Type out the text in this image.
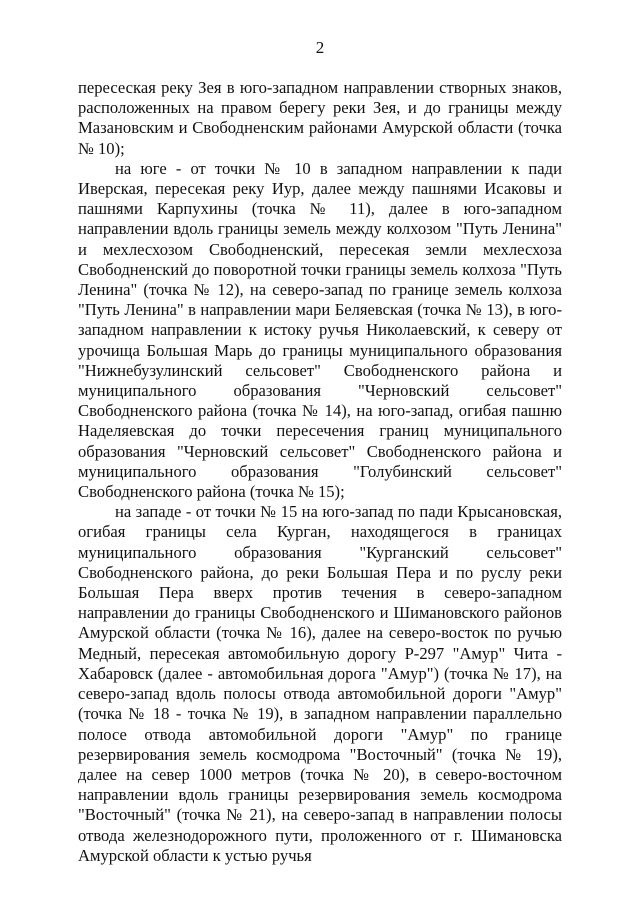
2

пересеская реку Зея в юго-западном направлении створных знаков, расположенных на правом берегу реки Зея, и до границы между Мазановским и Свободненским районами Амурской области (точка № 10);

на юге - от точки № 10 в западном направлении к пади Иверская, пересекая реку Иур, далее между пашнями Исаковы и пашнями Карпухины (точка № 11), далее в юго-западном направлении вдоль границы земель между колхозом "Путь Ленина" и мехлесхозом Свободненский, пересекая земли мехлесхоза Свободненский до поворотной точки границы земель колхоза "Путь Ленина" (точка № 12), на северо-запад по границе земель колхоза "Путь Ленина" в направлении мари Беляевская (точка № 13), в юго-западном направлении к истоку ручья Николаевский, к северу от урочища Большая Марь до границы муниципального образования "Нижнебузулинский сельсовет" Свободненского района и муниципального образования "Черновский сельсовет" Свободненского района (точка № 14), на юго-запад, огибая пашню Наделяевская до точки пересечения границ муниципального образования "Черновский сельсовет" Свободненского района и муниципального образования "Голубинский сельсовет" Свободненского района (точка № 15);

на западе - от точки № 15 на юго-запад по пади Крысановская, огибая границы села Курган, находящегося в границах муниципального образования "Курганский сельсовет" Свободненского района, до реки Большая Пера и по руслу реки Большая Пера вверх против течения в северо-западном направлении до границы Свободненского и Шимановского районов Амурской области (точка № 16), далее на северо-восток по ручью Медный, пересекая автомобильную дорогу Р-297 "Амур" Чита - Хабаровск (далее - автомобильная дорога "Амур") (точка № 17), на северо-запад вдоль полосы отвода автомобильной дороги "Амур" (точка № 18 - точка № 19), в западном направлении параллельно полосе отвода автомобильной дороги "Амур" по границе резервирования земель космодрома "Восточный" (точка № 19), далее на север 1000 метров (точка № 20), в северо-восточном направлении вдоль границы резервирования земель космодрома "Восточный" (точка № 21), на северо-запад в направлении полосы отвода железнодорожного пути, проложенного от г. Шимановска Амурской области к устью ручья
